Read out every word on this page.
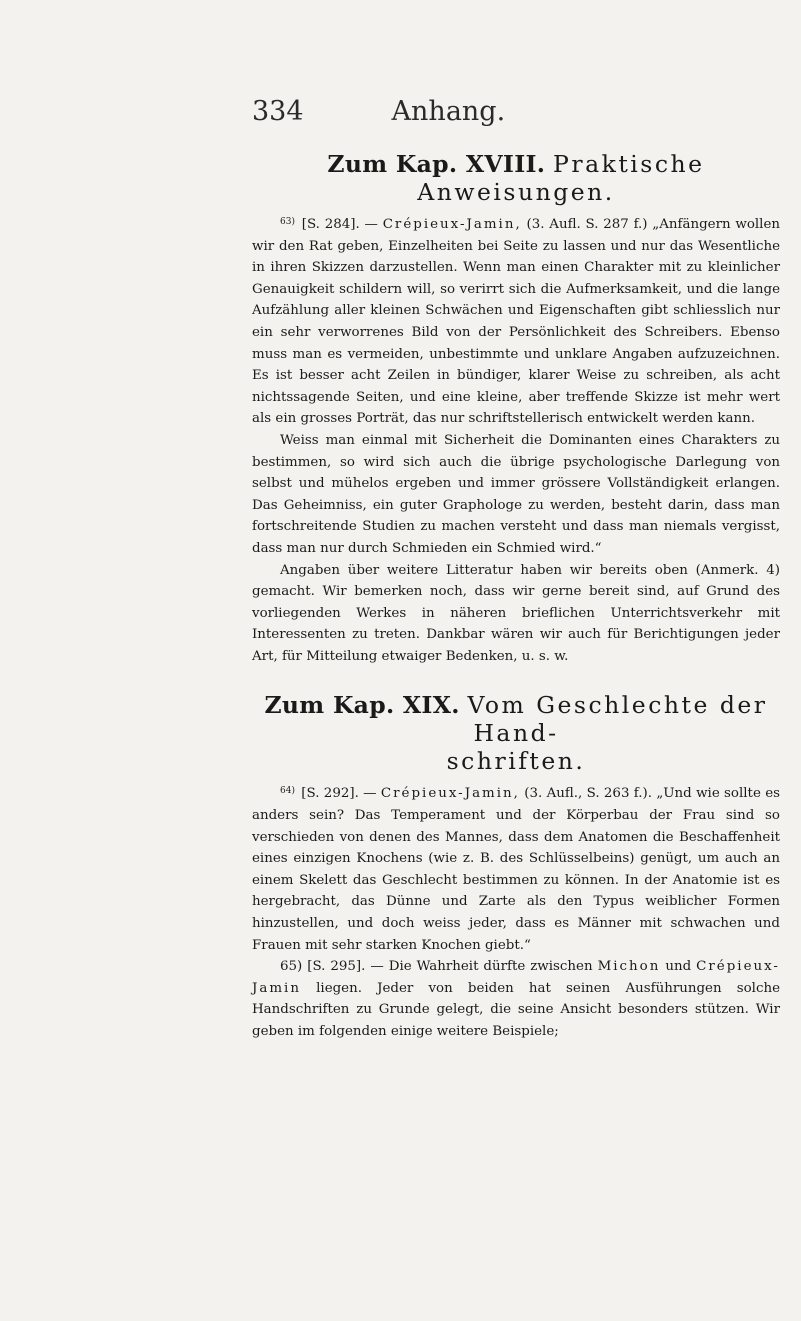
334	Anhang.
Zum Kap. XVIII. Praktische Anweisungen.

$^{63)}$ [S. 284]. — Crépieux-Jamin, (3. Aufl. S. 287 f.) „Anfängern wollen wir den Rat geben, Einzelheiten bei Seite zu lassen und nur das Wesentliche in ihren Skizzen darzustellen. Wenn man einen Charakter mit zu kleinlicher Genauigkeit schildern will, so verirrt sich die Aufmerksamkeit, und die lange Aufzählung aller kleinen Schwächen und Eigenschaften gibt schliesslich nur ein sehr verworrenes Bild von der Persönlichkeit des Schreibers. Ebenso muss man es vermeiden, unbestimmte und unklare Angaben aufzuzeichnen. Es ist besser acht Zeilen in bündiger, klarer Weise zu schreiben, als acht nichtssagende Seiten, und eine kleine, aber treffende Skizze ist mehr wert als ein grosses Porträt, das nur schriftstellerisch entwickelt werden kann.

Weiss man einmal mit Sicherheit die Dominanten eines Charakters zu bestimmen, so wird sich auch die übrige psychologische Darlegung von selbst und mühelos ergeben und immer grössere Vollständigkeit erlangen. Das Geheimniss, ein guter Graphologe zu werden, besteht darin, dass man fortschreitende Studien zu machen versteht und dass man niemals vergisst, dass man nur durch Schmieden ein Schmied wird.“

Angaben über weitere Litteratur haben wir bereits oben (Anmerk. 4) gemacht. Wir bemerken noch, dass wir gerne bereit sind, auf Grund des vorliegenden Werkes in näheren brieflichen Unterrichtsverkehr mit Interessenten zu treten. Dankbar wären wir auch für Berichtigungen jeder Art, für Mitteilung etwaiger Bedenken, u. s. w.

Zum Kap. XIX. Vom Geschlechte der Hand-
schriften.

$^{64)}$ [S. 292]. — Crépieux-Jamin, (3. Aufl., S. 263 f.). „Und wie sollte es anders sein? Das Temperament und der Körperbau der Frau sind so verschieden von denen des Mannes, dass dem Anatomen die Beschaffenheit eines einzigen Knochens (wie z. B. des Schlüsselbeins) genügt, um auch an einem Skelett das Geschlecht bestimmen zu können. In der Anatomie ist es hergebracht, das Dünne und Zarte als den Typus weiblicher Formen hinzustellen, und doch weiss jeder, dass es Männer mit schwachen und Frauen mit sehr starken Knochen giebt.“

65) [S. 295]. — Die Wahrheit dürfte zwischen Michon und Crépieux-Jamin liegen. Jeder von beiden hat seinen Ausführungen solche Handschriften zu Grunde gelegt, die seine Ansicht besonders stützen. Wir geben im folgenden einige weitere Beispiele;
